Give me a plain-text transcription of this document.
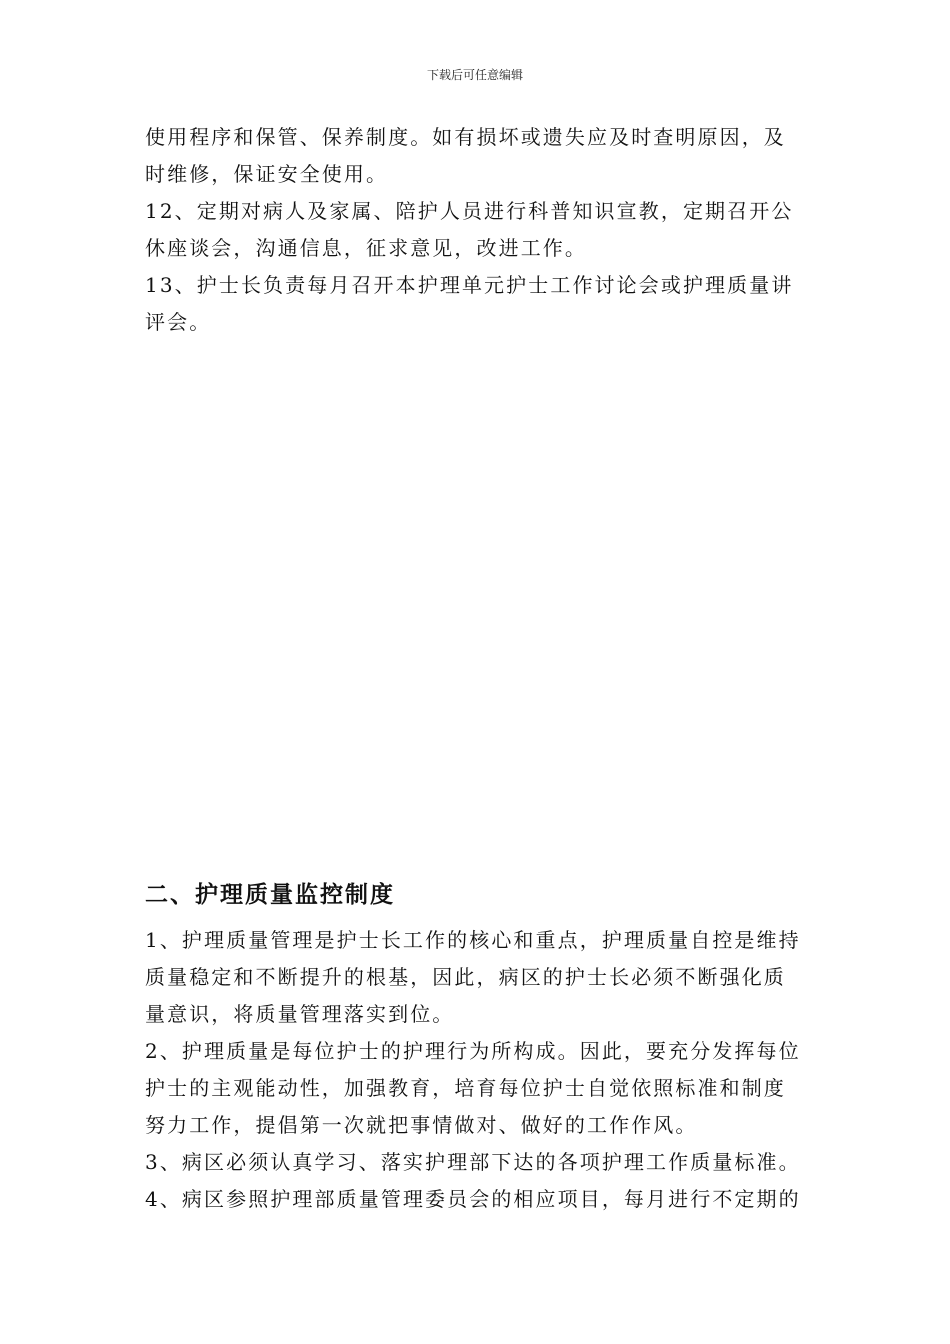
下载后可任意编辑
使用程序和保管、保养制度。如有损坏或遗失应及时查明原因，及
时维修，保证安全使用。
12、定期对病人及家属、陪护人员进行科普知识宣教，定期召开公
休座谈会，沟通信息，征求意见，改进工作。
13、护士长负责每月召开本护理单元护士工作讨论会或护理质量讲
评会。
二、护理质量监控制度
1、护理质量管理是护士长工作的核心和重点，护理质量自控是维持
质量稳定和不断提升的根基，因此，病区的护士长必须不断强化质
量意识，将质量管理落实到位。
2、护理质量是每位护士的护理行为所构成。因此，要充分发挥每位
护士的主观能动性，加强教育，培育每位护士自觉依照标准和制度
努力工作，提倡第一次就把事情做对、做好的工作作风。
3、病区必须认真学习、落实护理部下达的各项护理工作质量标准。
4、病区参照护理部质量管理委员会的相应项目，每月进行不定期的
